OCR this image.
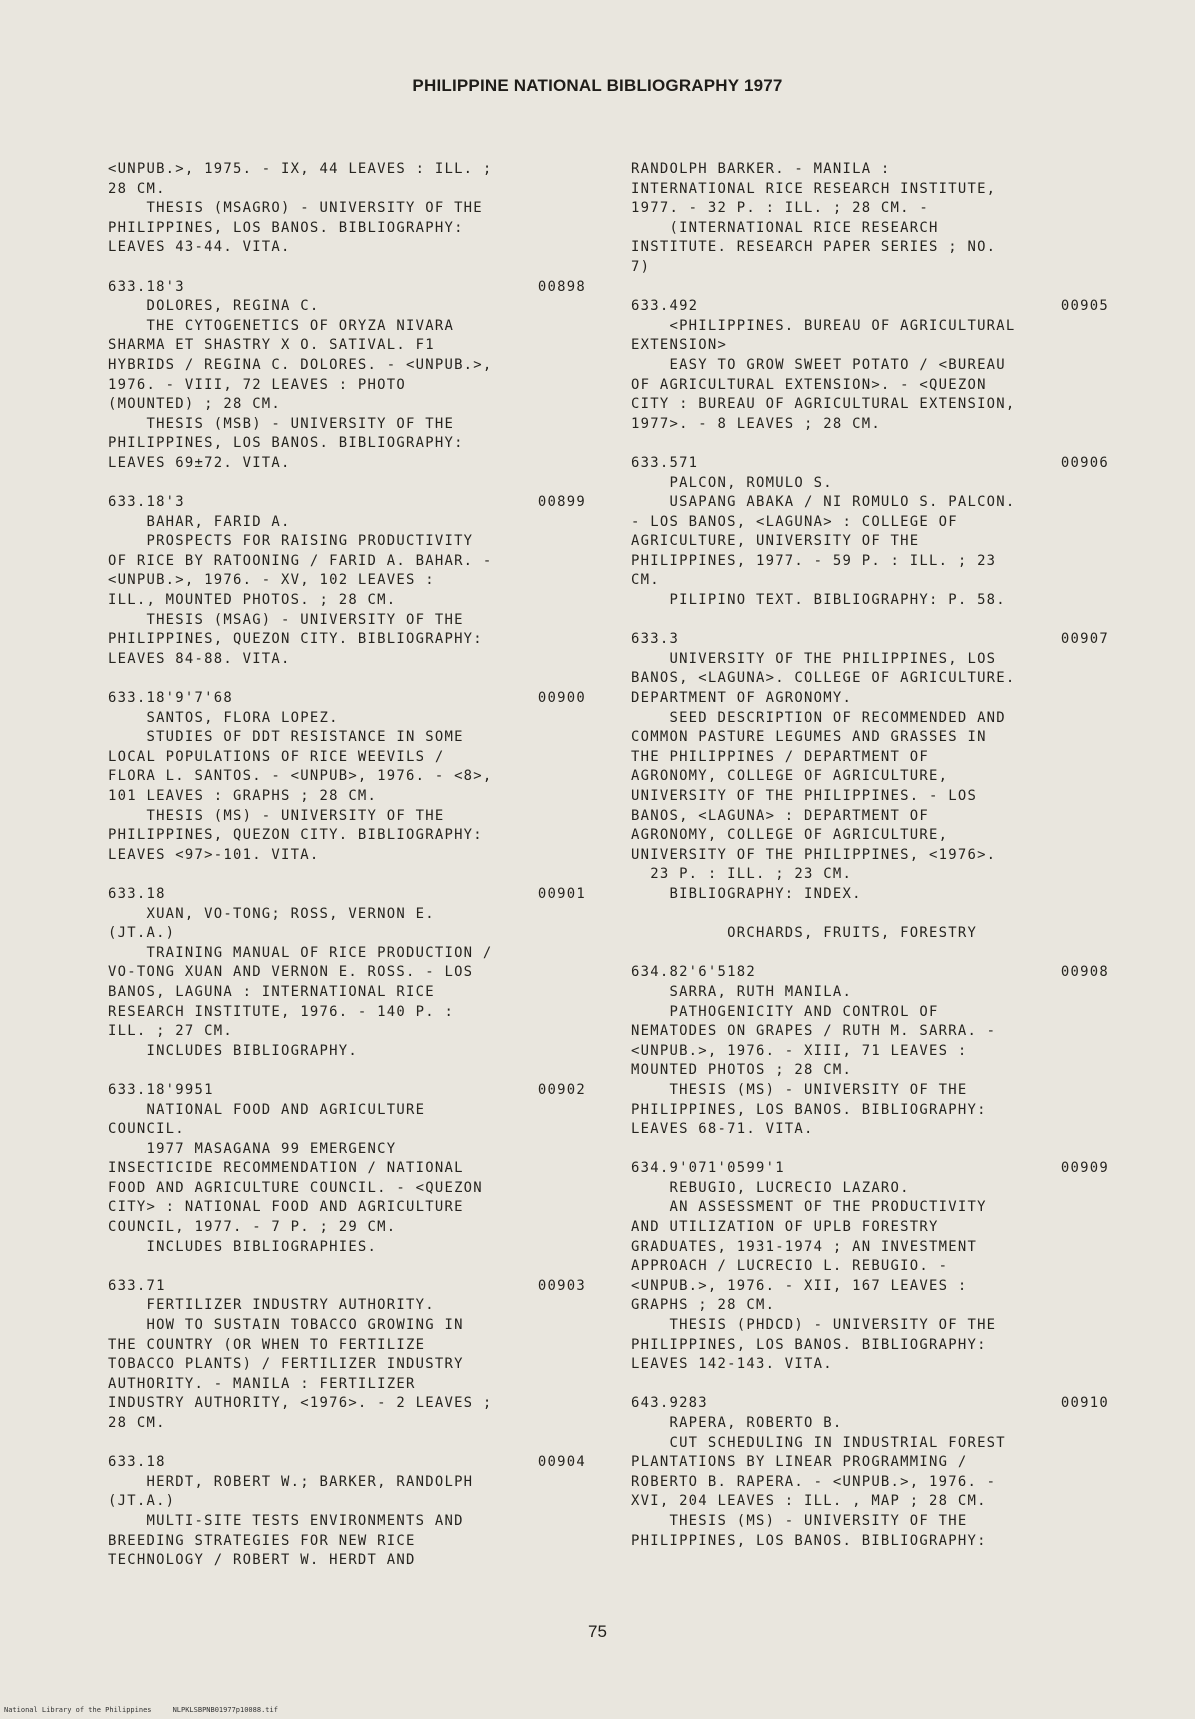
PHILIPPINE NATIONAL BIBLIOGRAPHY 1977
<UNPUB.>, 1975. - IX, 44 LEAVES : ILL. ;
28 CM.
THESIS (MSAGRO) - UNIVERSITY OF THE
PHILIPPINES, LOS BANOS. BIBLIOGRAPHY:
LEAVES 43-44. VITA.
633.18'3	00898
DOLORES, REGINA C.
THE CYTOGENETICS OF ORYZA NIVARA
SHARMA ET SHASTRY X O. SATIVAL. F1
HYBRIDS / REGINA C. DOLORES. - <UNPUB.>,
1976. - VIII, 72 LEAVES : PHOTO
(MOUNTED) ; 28 CM.
THESIS (MSB) - UNIVERSITY OF THE
PHILIPPINES, LOS BANOS. BIBLIOGRAPHY:
LEAVES 69±72. VITA.
633.18'3	00899
BAHAR, FARID A.
PROSPECTS FOR RAISING PRODUCTIVITY
OF RICE BY RATOONING / FARID A. BAHAR. -
<UNPUB.>, 1976. - XV, 102 LEAVES :
ILL., MOUNTED PHOTOS. ; 28 CM.
THESIS (MSAG) - UNIVERSITY OF THE
PHILIPPINES, QUEZON CITY. BIBLIOGRAPHY:
LEAVES 84-88. VITA.
633.18'9'7'68	00900
SANTOS, FLORA LOPEZ.
STUDIES OF DDT RESISTANCE IN SOME
LOCAL POPULATIONS OF RICE WEEVILS /
FLORA L. SANTOS. - <UNPUB>, 1976. - <8>,
101 LEAVES : GRAPHS ; 28 CM.
THESIS (MS) - UNIVERSITY OF THE
PHILIPPINES, QUEZON CITY. BIBLIOGRAPHY:
LEAVES <97>-101. VITA.
633.18	00901
XUAN, VO-TONG; ROSS, VERNON E.
(JT.A.)
TRAINING MANUAL OF RICE PRODUCTION /
VO-TONG XUAN AND VERNON E. ROSS. - LOS
BANOS, LAGUNA : INTERNATIONAL RICE
RESEARCH INSTITUTE, 1976. - 140 P. :
ILL. ; 27 CM.
INCLUDES BIBLIOGRAPHY.
633.18'9951	00902
NATIONAL FOOD AND AGRICULTURE
COUNCIL.
1977 MASAGANA 99 EMERGENCY
INSECTICIDE RECOMMENDATION / NATIONAL
FOOD AND AGRICULTURE COUNCIL. - <QUEZON
CITY> : NATIONAL FOOD AND AGRICULTURE
COUNCIL, 1977. - 7 P. ; 29 CM.
INCLUDES BIBLIOGRAPHIES.
633.71	00903
FERTILIZER INDUSTRY AUTHORITY.
HOW TO SUSTAIN TOBACCO GROWING IN
THE COUNTRY (OR WHEN TO FERTILIZE
TOBACCO PLANTS) / FERTILIZER INDUSTRY
AUTHORITY. - MANILA : FERTILIZER
INDUSTRY AUTHORITY, <1976>. - 2 LEAVES ;
28 CM.
633.18	00904
HERDT, ROBERT W.; BARKER, RANDOLPH
(JT.A.)
MULTI-SITE TESTS ENVIRONMENTS AND
BREEDING STRATEGIES FOR NEW RICE
TECHNOLOGY / ROBERT W. HERDT AND
RANDOLPH BARKER. - MANILA :
INTERNATIONAL RICE RESEARCH INSTITUTE,
1977. - 32 P. : ILL. ; 28 CM. -
(INTERNATIONAL RICE RESEARCH
INSTITUTE. RESEARCH PAPER SERIES ; NO.
7)
633.492	00905
<PHILIPPINES. BUREAU OF AGRICULTURAL
EXTENSION>
EASY TO GROW SWEET POTATO / <BUREAU
OF AGRICULTURAL EXTENSION>. - <QUEZON
CITY : BUREAU OF AGRICULTURAL EXTENSION,
1977>. - 8 LEAVES ; 28 CM.
633.571	00906
PALCON, ROMULO S.
USAPANG ABAKA / NI ROMULO S. PALCON.
- LOS BANOS, <LAGUNA> : COLLEGE OF
AGRICULTURE, UNIVERSITY OF THE
PHILIPPINES, 1977. - 59 P. : ILL. ; 23
CM.
PILIPINO TEXT. BIBLIOGRAPHY: P. 58.
633.3	00907
UNIVERSITY OF THE PHILIPPINES, LOS
BANOS, <LAGUNA>. COLLEGE OF AGRICULTURE.
DEPARTMENT OF AGRONOMY.
SEED DESCRIPTION OF RECOMMENDED AND
COMMON PASTURE LEGUMES AND GRASSES IN
THE PHILIPPINES / DEPARTMENT OF
AGRONOMY, COLLEGE OF AGRICULTURE,
UNIVERSITY OF THE PHILIPPINES. - LOS
BANOS, <LAGUNA> : DEPARTMENT OF
AGRONOMY, COLLEGE OF AGRICULTURE,
UNIVERSITY OF THE PHILIPPINES, <1976>.
23 P. : ILL. ; 23 CM.
BIBLIOGRAPHY: INDEX.
ORCHARDS, FRUITS, FORESTRY
634.82'6'5182	00908
SARRA, RUTH MANILA.
PATHOGENICITY AND CONTROL OF
NEMATODES ON GRAPES / RUTH M. SARRA. -
<UNPUB.>, 1976. - XIII, 71 LEAVES :
MOUNTED PHOTOS ; 28 CM.
THESIS (MS) - UNIVERSITY OF THE
PHILIPPINES, LOS BANOS. BIBLIOGRAPHY:
LEAVES 68-71. VITA.
634.9'071'0599'1	00909
REBUGIO, LUCRECIO LAZARO.
AN ASSESSMENT OF THE PRODUCTIVITY
AND UTILIZATION OF UPLB FORESTRY
GRADUATES, 1931-1974 ; AN INVESTMENT
APPROACH / LUCRECIO L. REBUGIO. -
<UNPUB.>, 1976. - XII, 167 LEAVES :
GRAPHS ; 28 CM.
THESIS (PHDCD) - UNIVERSITY OF THE
PHILIPPINES, LOS BANOS. BIBLIOGRAPHY:
LEAVES 142-143. VITA.
643.9283	00910
RAPERA, ROBERTO B.
CUT SCHEDULING IN INDUSTRIAL FOREST
PLANTATIONS BY LINEAR PROGRAMMING /
ROBERTO B. RAPERA. - <UNPUB.>, 1976. -
XVI, 204 LEAVES : ILL. , MAP ; 28 CM.
THESIS (MS) - UNIVERSITY OF THE
PHILIPPINES, LOS BANOS. BIBLIOGRAPHY:
75
National Library of the Philippines     NLPKLSBPNB01977p10088.tif
